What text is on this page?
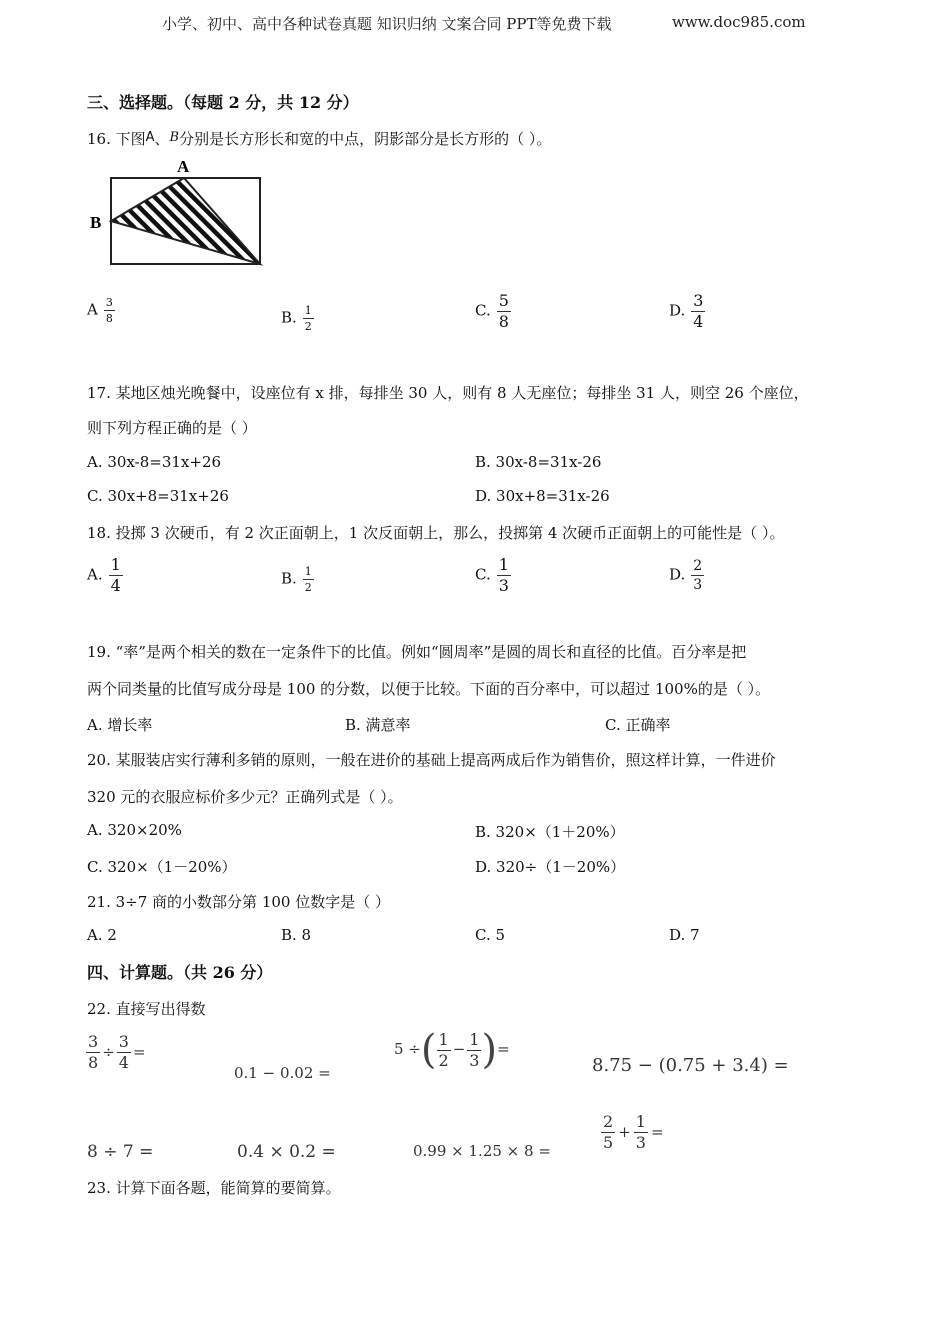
小学、初中、高中各种试卷真题 知识归纳 文案合同 PPT等免费下载	www.doc985.com
三、选择题。（每题 2 分，共 12 分）
16. 下图A、B分别是长方形长和宽的中点，阴影部分是长方形的（ ）。
A
B
A $\frac{3}{8}$	B. $\frac{1}{2}$	C. $\frac{5}{8}$	D. $\frac{3}{4}$
17. 某地区烛光晚餐中，设座位有 x 排，每排坐 30 人，则有 8 人无座位；每排坐 31 人，则空 26 个座位，
则下列方程正确的是（ ）
A. 30x-8=31x+26	B. 30x-8=31x-26
C. 30x+8=31x+26	D. 30x+8=31x-26
18. 投掷 3 次硬币，有 2 次正面朝上，1 次反面朝上，那么，投掷第 4 次硬币正面朝上的可能性是（ ）。
A. $\frac{1}{4}$	B. $\frac{1}{2}$	C. $\frac{1}{3}$	D. $\frac{2}{3}$
19. “率”是两个相关的数在一定条件下的比值。例如“圆周率”是圆的周长和直径的比值。百分率是把
两个同类量的比值写成分母是 100 的分数，以便于比较。下面的百分率中，可以超过 100%的是（ ）。
A. 增长率	B. 满意率	C. 正确率
20. 某服装店实行薄利多销的原则，一般在进价的基础上提高两成后作为销售价，照这样计算，一件进价
320 元的衣服应标价多少元？正确列式是（ ）。
A. 320×20%	B. 320×（1＋20%）
C. 320×（1－20%）	D. 320÷（1－20%）
21. 3÷7 商的小数部分第 100 位数字是（ ）
A. 2	B. 8	C. 5	D. 7
四、计算题。（共 26 分）
22. 直接写出得数
$\frac{3}{8} \div \frac{3}{4}$ =
0.1 − 0.02 =
5 ÷( $\frac{1}{2} - \frac{1}{3}$ )=
8.75 − (0.75 + 3.4) =
8 ÷ 7 =	0.4 × 0.2 =	0.99 × 1.25 × 8 =	$\frac{2}{5} + \frac{1}{3}$ =
23. 计算下面各题，能简算的要简算。
